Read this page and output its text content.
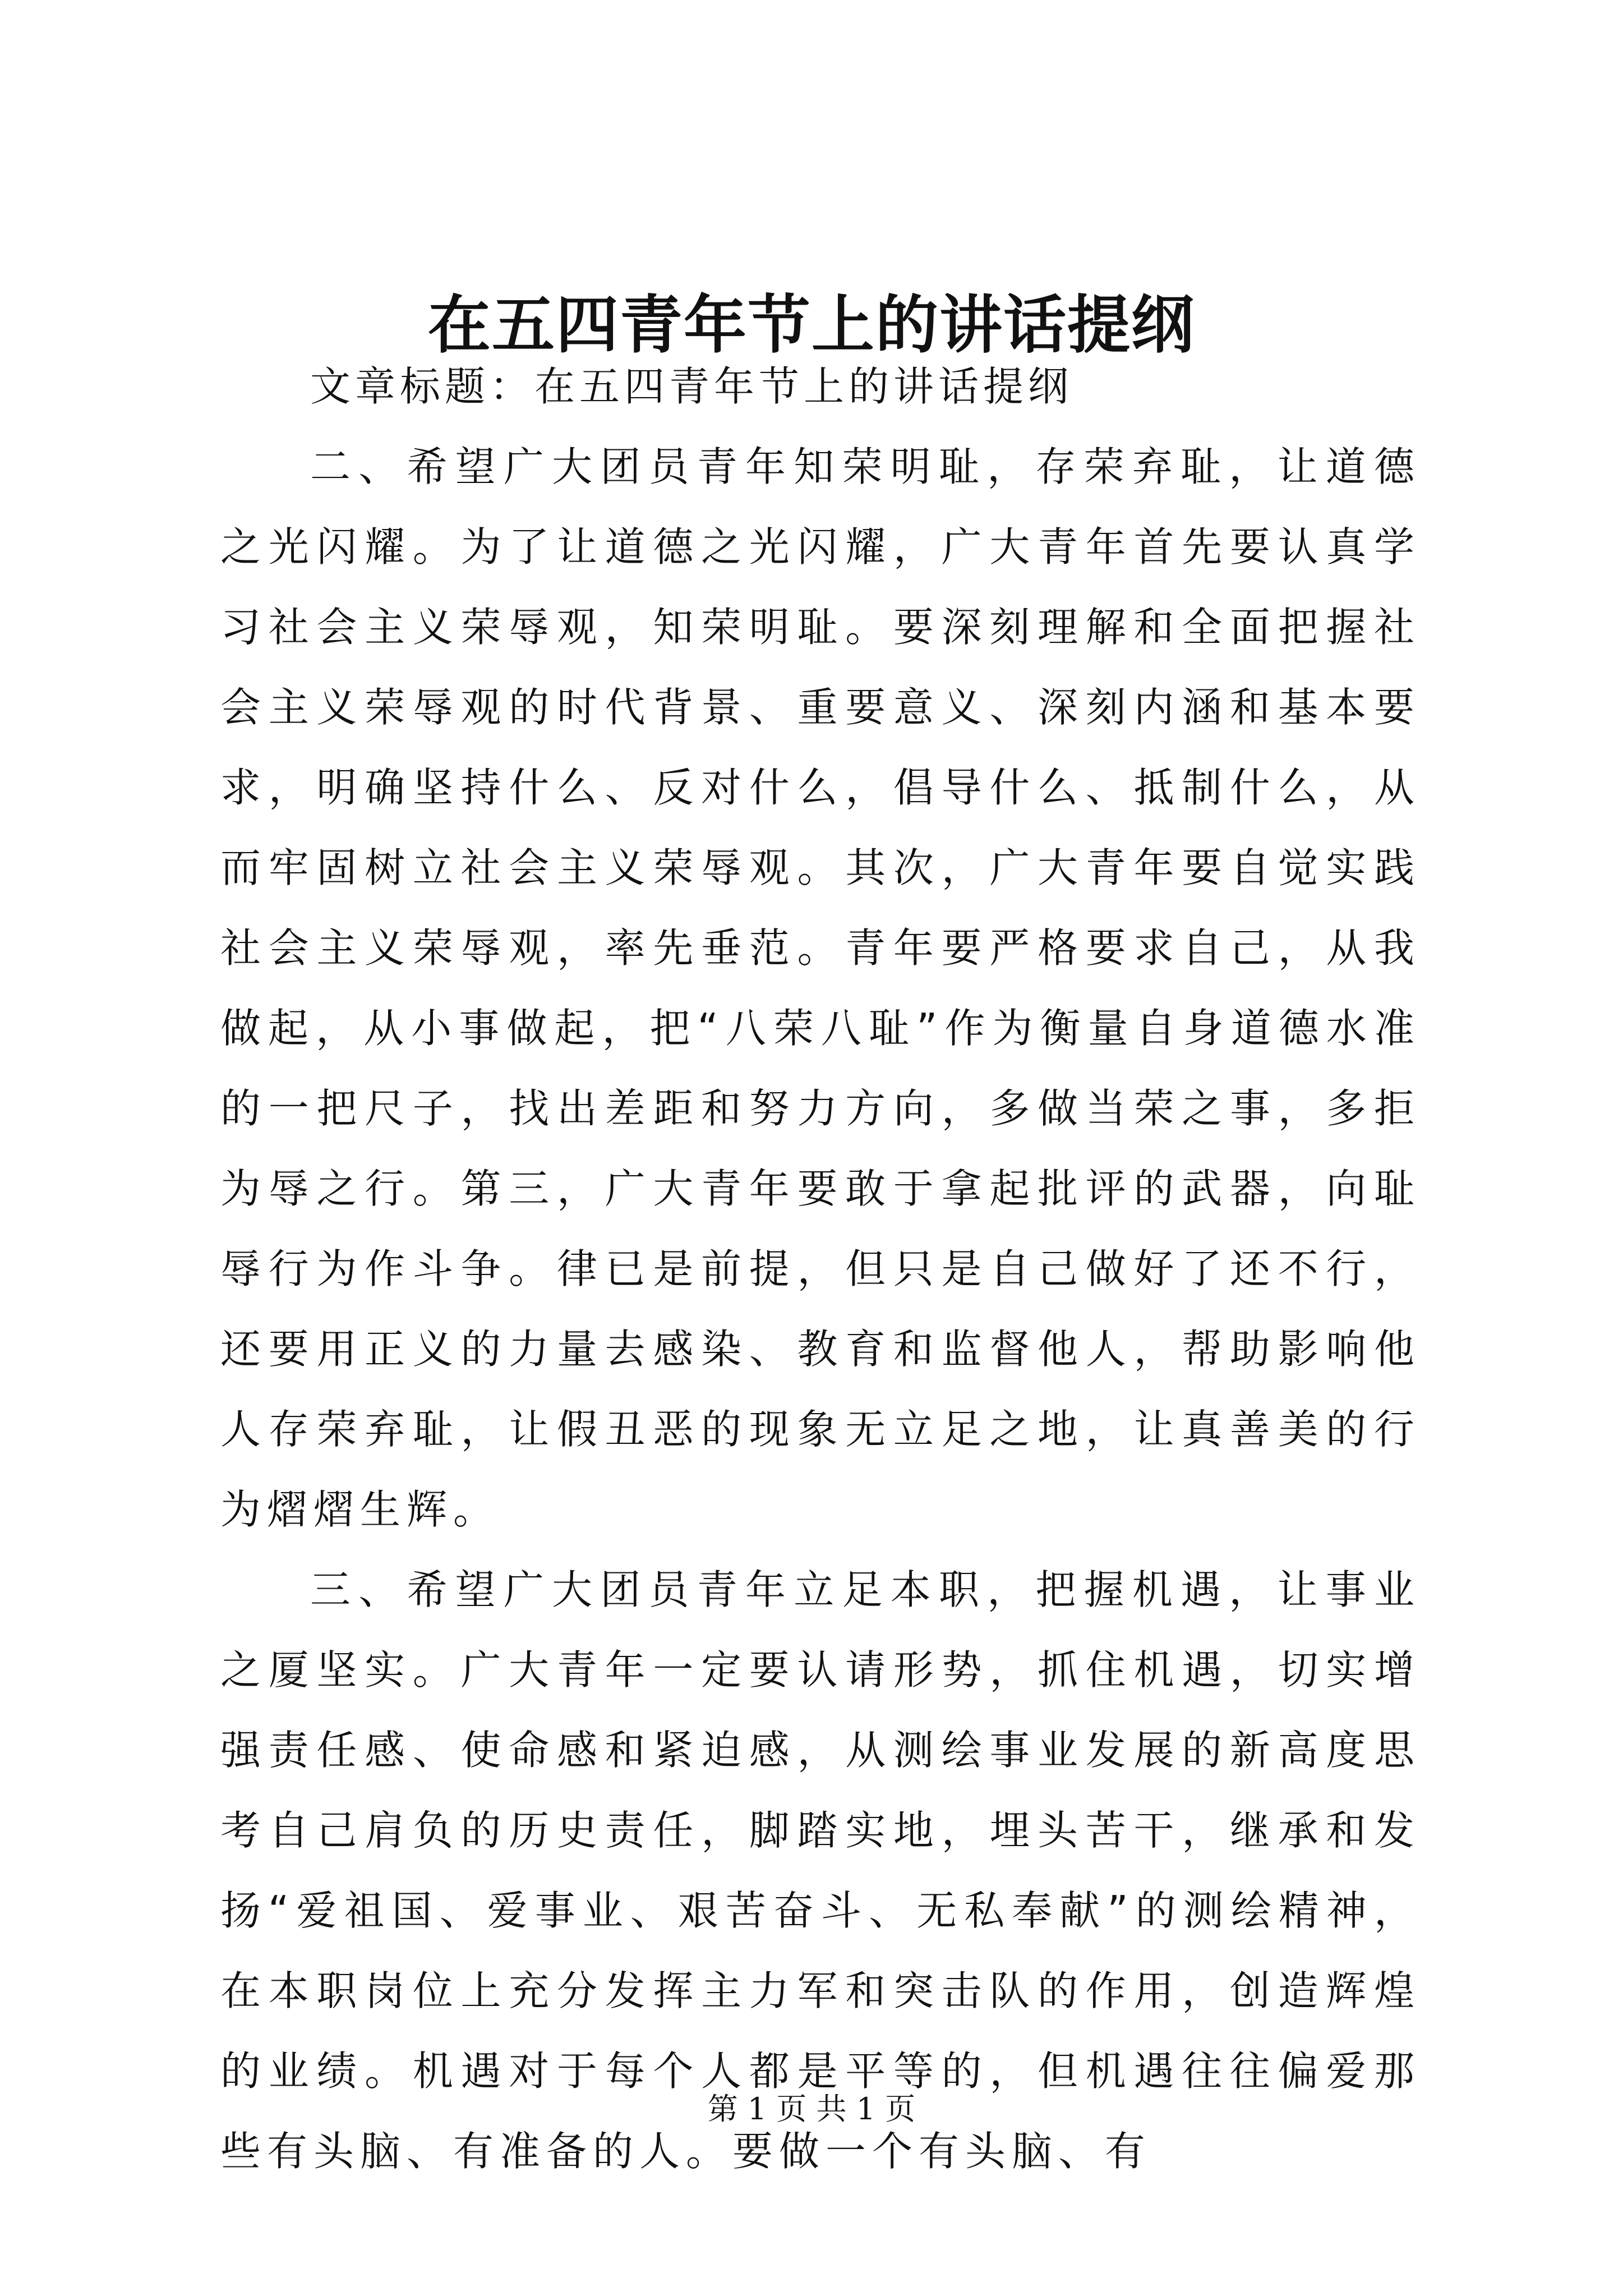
在五四青年节上的讲话提纲

文章标题：在五四青年节上的讲话提纲

二、希望广大团员青年知荣明耻，存荣弃耻，让道德之光闪耀。为了让道德之光闪耀，广大青年首先要认真学习社会主义荣辱观，知荣明耻。要深刻理解和全面把握社会主义荣辱观的时代背景、重要意义、深刻内涵和基本要求，明确坚持什么、反对什么，倡导什么、抵制什么，从而牢固树立社会主义荣辱观。其次，广大青年要自觉实践社会主义荣辱观，率先垂范。青年要严格要求自己，从我做起，从小事做起，把“八荣八耻”作为衡量自身道德水准的一把尺子，找出差距和努力方向，多做当荣之事，多拒为辱之行。第三，广大青年要敢于拿起批评的武器，向耻辱行为作斗争。律已是前提，但只是自己做好了还不行，还要用正义的力量去感染、教育和监督他人，帮助影响他人存荣弃耻，让假丑恶的现象无立足之地，让真善美的行为熠熠生辉。

三、希望广大团员青年立足本职，把握机遇，让事业之厦坚实。广大青年一定要认请形势，抓住机遇，切实增强责任感、使命感和紧迫感，从测绘事业发展的新高度思考自己肩负的历史责任，脚踏实地，埋头苦干，继承和发扬“爱祖国、爱事业、艰苦奋斗、无私奉献”的测绘精神，在本职岗位上充分发挥主力军和突击队的作用，创造辉煌的业绩。机遇对于每个人都是平等的，但机遇往往偏爱那些有头脑、有准备的人。要做一个有头脑、有

第 1 页 共 1 页
